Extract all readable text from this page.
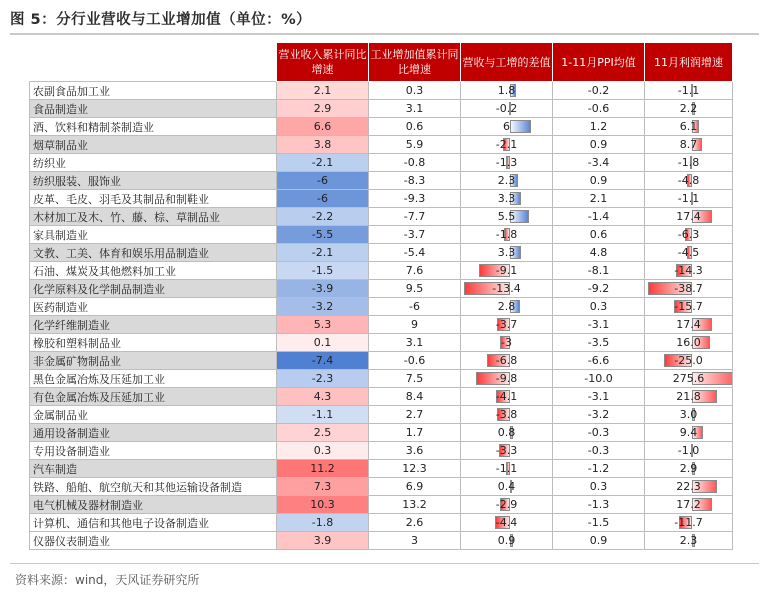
图 5：分行业营收与工业增加值（单位：%）
	营业收入累计同比增速	工业增加值累计同比增速	营收与工增的差值	1-11月PPI均值	11月利润增速
农副食品加工业	2.1	0.3	1.8	-0.2	-1.1
食品制造业	2.9	3.1	-0.2	-0.6	2.2
酒、饮料和精制茶制造业	6.6	0.6	6	1.2	6.1
烟草制品业	3.8	5.9	-2.1	0.9	8.7
纺织业	-2.1	-0.8	-1.3	-3.4	-1.8
纺织服装、服饰业	-6	-8.3	2.3	0.9	-4.8
皮革、毛皮、羽毛及其制品和制鞋业	-6	-9.3	3.3	2.1	-1.1
木材加工及木、竹、藤、棕、草制品业	-2.2	-7.7	5.5	-1.4	17.4
家具制造业	-5.5	-3.7	-1.8	0.6	-6.3
文教、工美、体育和娱乐用品制造业	-2.1	-5.4	3.3	4.8	-4.5
石油、煤炭及其他燃料加工业	-1.5	7.6	-9.1	-8.1	-14.3
化学原料及化学制品制造业	-3.9	9.5	-13.4	-9.2	-38.7
医药制造业	-3.2	-6	2.8	0.3	-15.7
化学纤维制造业	5.3	9	-3.7	-3.1	17.4
橡胶和塑料制品业	0.1	3.1	-3	-3.5	16.0
非金属矿物制品业	-7.4	-0.6	-6.8	-6.6	-25.0
黑色金属冶炼及压延加工业	-2.3	7.5	-9.8	-10.0	275.6
有色金属冶炼及压延加工业	4.3	8.4	-4.1	-3.1	21.8
金属制品业	-1.1	2.7	-3.8	-3.2	3.0
通用设备制造业	2.5	1.7	0.8	-0.3	9.4
专用设备制造业	0.3	3.6	-3.3	-0.3	-1.0
汽车制造	11.2	12.3	-1.1	-1.2	2.9
铁路、船舶、航空航天和其他运输设备制造	7.3	6.9	0.4	0.3	22.3
电气机械及器材制造业	10.3	13.2	-2.9	-1.3	17.2
计算机、通信和其他电子设备制造业	-1.8	2.6	-4.4	-1.5	-11.7
仪器仪表制造业	3.9	3	0.9	0.9	2.3
资料来源：wind，天风证券研究所
